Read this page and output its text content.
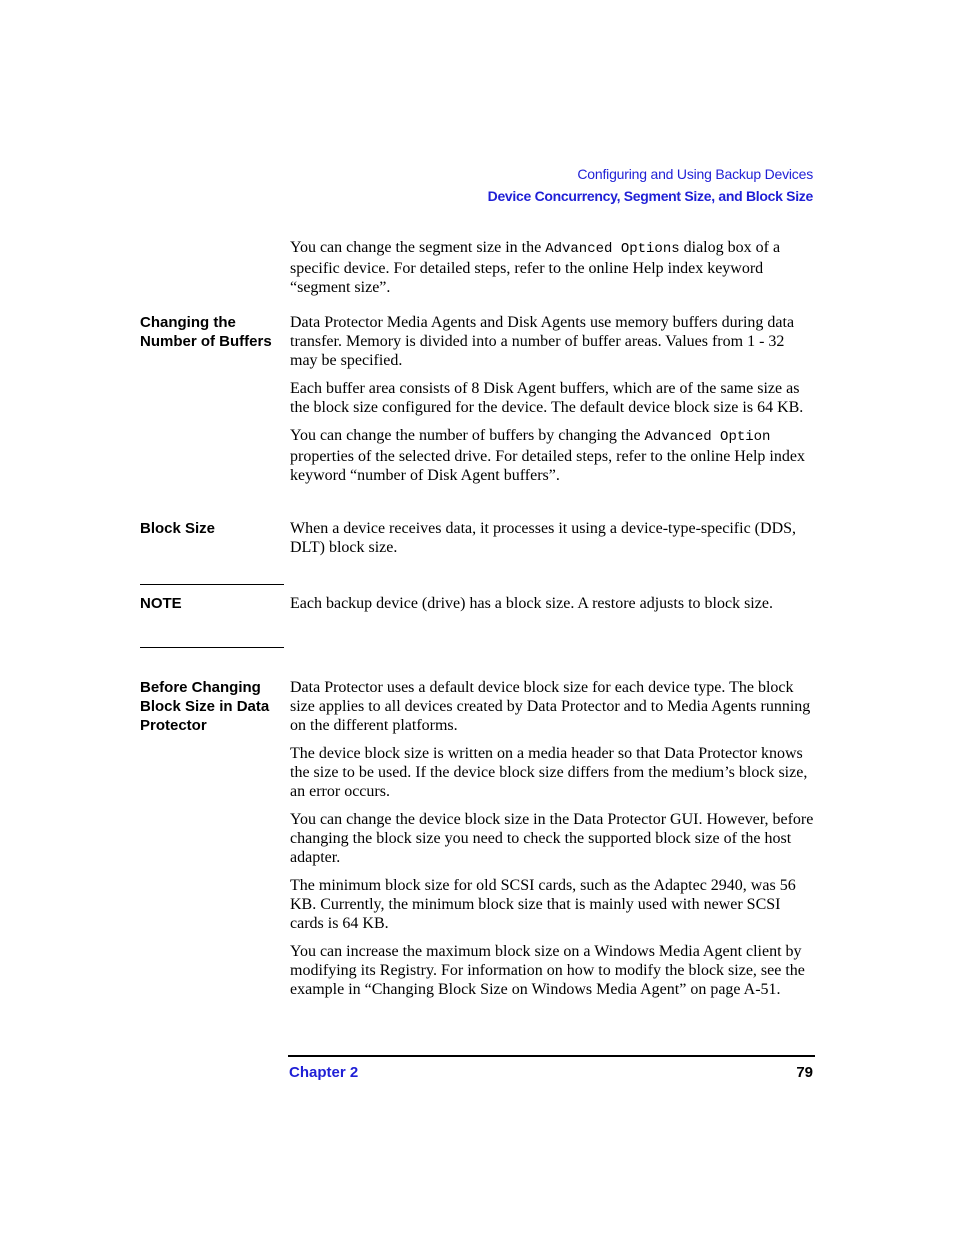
Configuring and Using Backup Devices
Device Concurrency, Segment Size, and Block Size

You can change the segment size in the Advanced Options dialog box of a specific device. For detailed steps, refer to the online Help index keyword “segment size”.

Changing the Number of Buffers

Data Protector Media Agents and Disk Agents use memory buffers during data transfer. Memory is divided into a number of buffer areas. Values from 1 - 32 may be specified.

Each buffer area consists of 8 Disk Agent buffers, which are of the same size as the block size configured for the device. The default device block size is 64 KB.

You can change the number of buffers by changing the Advanced Option properties of the selected drive. For detailed steps, refer to the online Help index keyword “number of Disk Agent buffers”.

Block Size	When a device receives data, it processes it using a device-type-specific (DDS, DLT) block size.

NOTE	Each backup device (drive) has a block size. A restore adjusts to block size.

Before Changing Block Size in Data Protector

Data Protector uses a default device block size for each device type. The block size applies to all devices created by Data Protector and to Media Agents running on the different platforms.

The device block size is written on a media header so that Data Protector knows the size to be used. If the device block size differs from the medium’s block size, an error occurs.

You can change the device block size in the Data Protector GUI. However, before changing the block size you need to check the supported block size of the host adapter.

The minimum block size for old SCSI cards, such as the Adaptec 2940, was 56 KB. Currently, the minimum block size that is mainly used with newer SCSI cards is 64 KB.

You can increase the maximum block size on a Windows Media Agent client by modifying its Registry. For information on how to modify the block size, see the example in “Changing Block Size on Windows Media Agent” on page A-51.

Chapter 2	79
